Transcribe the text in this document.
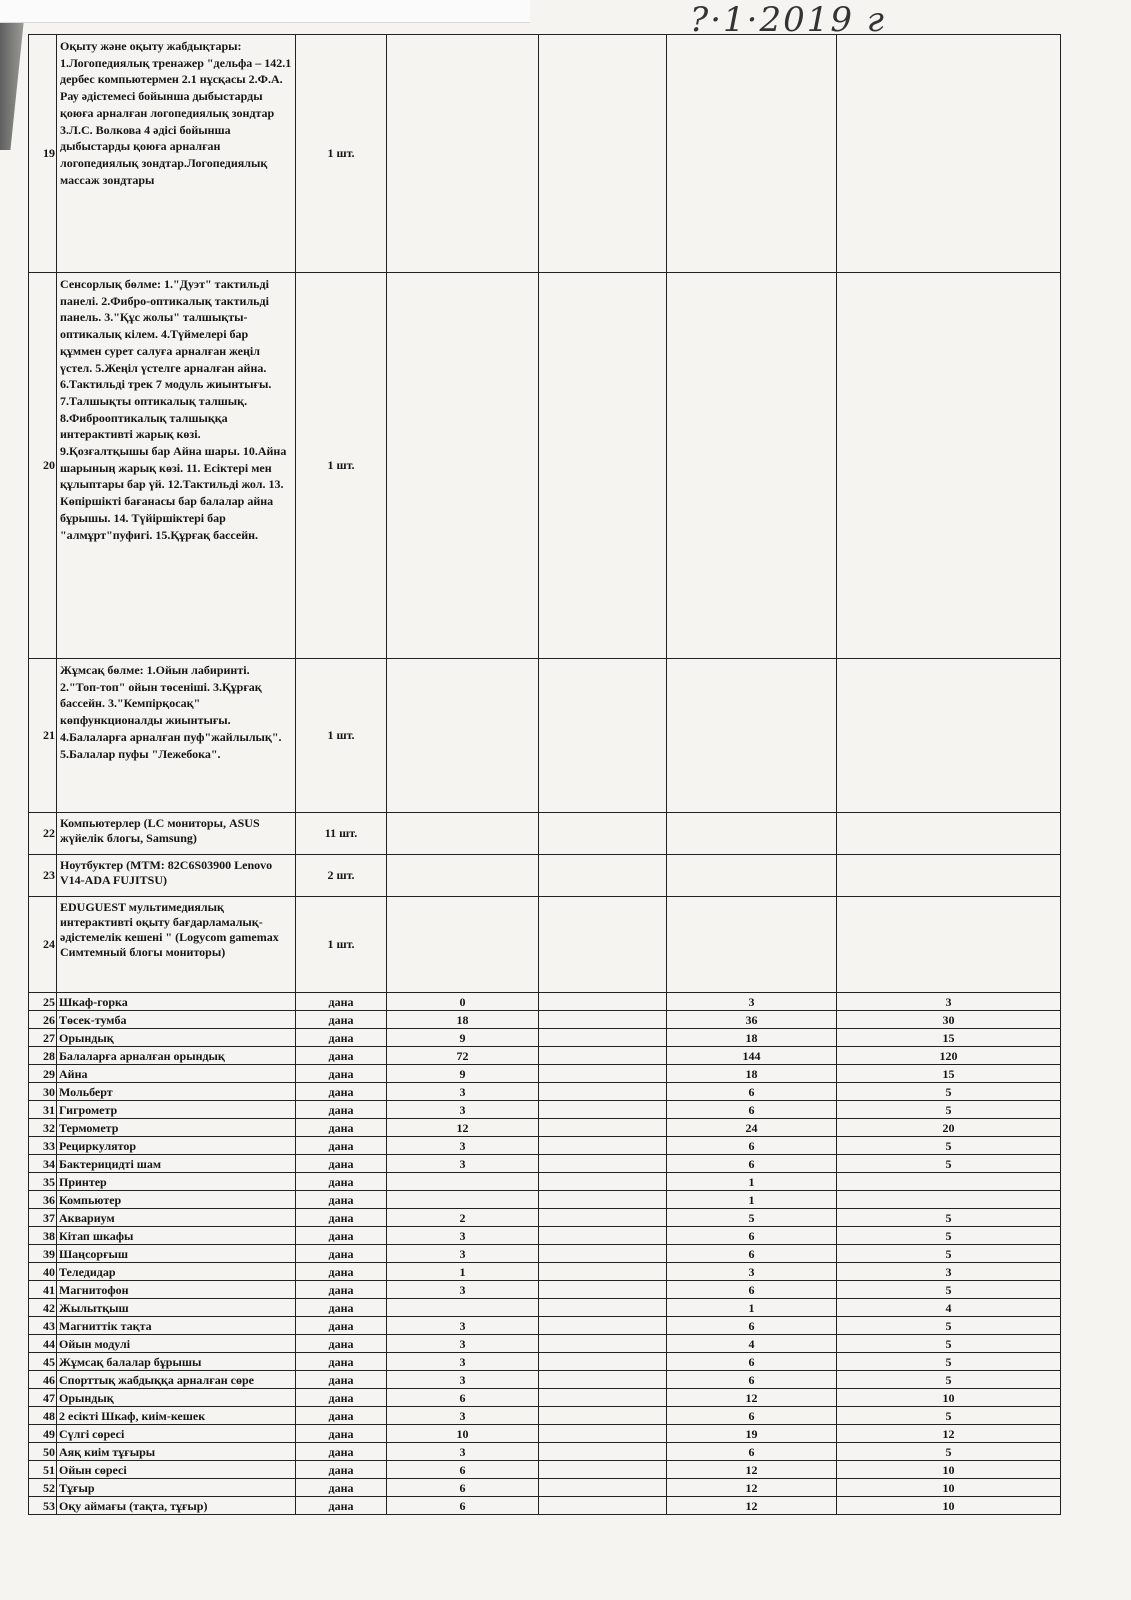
?·1·2019 г
19	Оқыту және оқыту жабдықтары: 1.Логопедиялық тренажер "дельфа – 142.1 дербес компьютермен 2.1 нұсқасы 2.Ф.А. Рау әдістемесі бойынша дыбыстарды қоюға арналған логопедиялық зондтар 3.Л.С. Волкова 4 әдісі бойынша дыбыстарды қоюға арналған логопедиялық зондтар.Логопедиялық массаж зондтары	1 шт.				
20	Сенсорлық бөлме: 1."Дуэт" тактильді панелі. 2.Фибро-оптикалық тактильді панель. 3."Құс жолы" талшықты-оптикалық кілем. 4.Түймелері бар құммен сурет салуға арналған жеңіл үстел. 5.Жеңіл үстелге арналған айна. 6.Тактильді трек 7 модуль жиынтығы. 7.Талшықты оптикалық талшық. 8.Фиброоптикалық талшыққа интерактивті жарық көзі. 9.Қозғалтқышы бар Айна шары. 10.Айна шарының жарық көзі. 11. Есіктері мен құлыптары бар үй. 12.Тактильді жол. 13. Көпіршікті бағанасы бар балалар айна бұрышы. 14. Түйіршіктері бар "алмұрт"пуфигі. 15.Құрғақ бассейн.	1 шт.				
21	Жұмсақ бөлме: 1.Ойын лабиринті. 2."Топ-топ" ойын төсеніші. 3.Құрғақ бассейн. 3."Кемпірқосақ" көпфункционалды жиынтығы. 4.Балаларға арналған пуф"жайлылық". 5.Балалар пуфы "Лежебока".	1 шт.				
22	Компьютерлер (LC мониторы, ASUS жүйелік блогы, Samsung)	11 шт.				
23	Ноутбуктер (MTM: 82C6S03900 Lenovo V14-ADA FUJITSU)	2 шт.				
24	EDUGUEST мультимедиялық интерактивті оқыту бағдарламалық-әдістемелік кешені " (Logycom gamemax Симтемный блогы мониторы)	1 шт.				
25	Шкаф-горка	дана	0		3	3
26	Төсек-тумба	дана	18		36	30
27	Орындық	дана	9		18	15
28	Балаларға арналған орындық	дана	72		144	120
29	Айна	дана	9		18	15
30	Мольберт	дана	3		6	5
31	Гигрометр	дана	3		6	5
32	Термометр	дана	12		24	20
33	Рециркулятор	дана	3		6	5
34	Бактерицидті шам	дана	3		6	5
35	Принтер	дана			1	
36	Компьютер	дана			1	
37	Аквариум	дана	2		5	5
38	Кітап шкафы	дана	3		6	5
39	Шаңсорғыш	дана	3		6	5
40	Теледидар	дана	1		3	3
41	Магнитофон	дана	3		6	5
42	Жылытқыш	дана			1	4
43	Магниттік тақта	дана	3		6	5
44	Ойын модулі	дана	3		4	5
45	Жұмсақ балалар бұрышы	дана	3		6	5
46	Спорттық жабдыққа арналған сөре	дана	3		6	5
47	Орындық	дана	6		12	10
48	2 есікті Шкаф, киім-кешек	дана	3		6	5
49	Сүлгі сөресі	дана	10		19	12
50	Аяқ киім тұғыры	дана	3		6	5
51	Ойын сөресі	дана	6		12	10
52	Тұғыр	дана	6		12	10
53	Оқу аймағы (тақта, тұғыр)	дана	6		12	10
